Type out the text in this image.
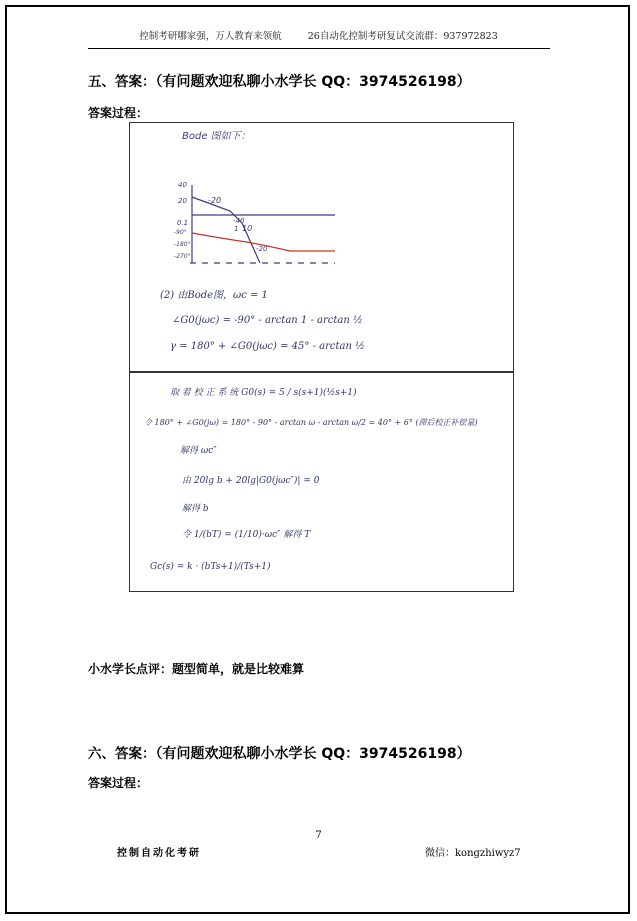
控制考研哪家强，万人教育来领航	26自动化控制考研复试交流群：937972823
五、答案：（有问题欢迎私聊小水学长 QQ：3974526198）
答案过程：
Bode 图如下：
40
20
0.1
-90°
-180°
-270°
-20
-40
1 10
-20
(2) 由Bode图，ωc = 1
∠G0(jωc) = -90° - arctan 1 - arctan ½
γ = 180° + ∠G0(jωc) = 45° - arctan ½
取 着 校 正 系 统 G0(s) = 5 / s(s+1)(½s+1)
令 180° + ∠G0(jω) = 180° - 90° - arctan ω - arctan ω/2 = 40° + 6° (滞后校正补偿量)
解得 ωc″
由 20lg b + 20lg|G0(jωc″)| = 0
解得 b
令 1/(bT) = (1/10)·ωc″ 解得 T
Gc(s) = k · (bTs+1)/(Ts+1)
小水学长点评：题型简单，就是比较难算
六、答案：（有问题欢迎私聊小水学长 QQ：3974526198）
答案过程：
7
控制自动化考研	微信：kongzhiwyz7
